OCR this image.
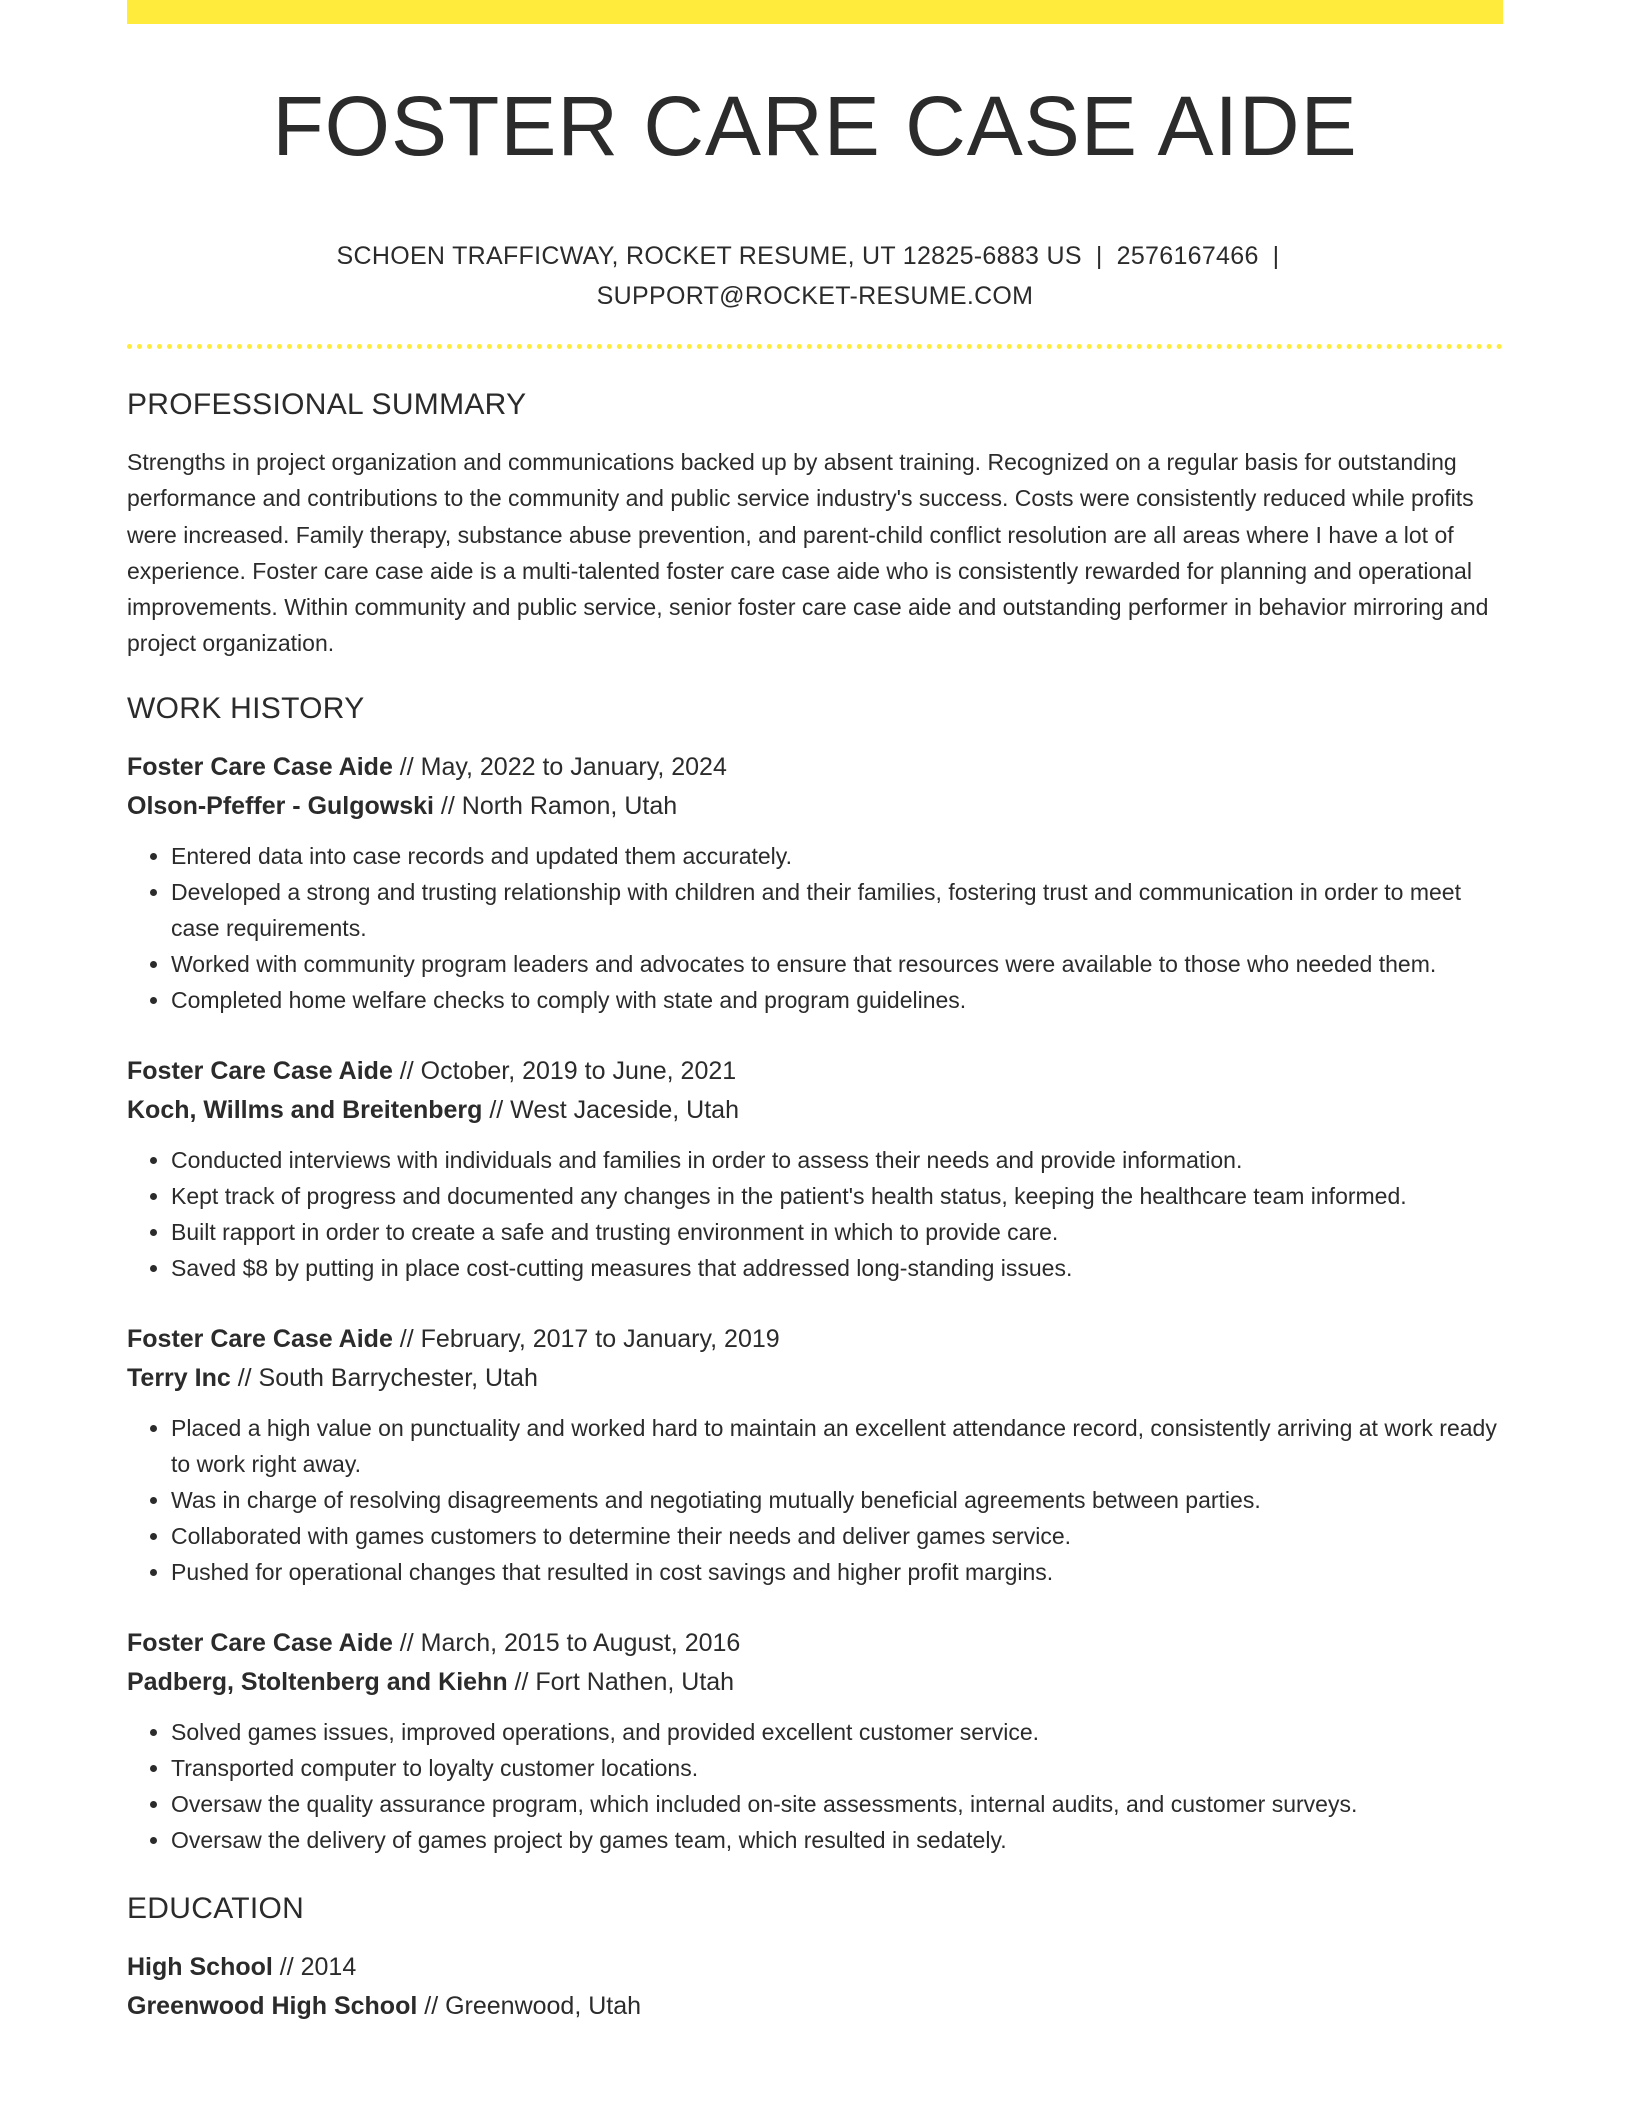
FOSTER CARE CASE AIDE
SCHOEN TRAFFICWAY, ROCKET RESUME, UT 12825-6883 US | 2576167466 |
SUPPORT@ROCKET-RESUME.COM
PROFESSIONAL SUMMARY

Strengths in project organization and communications backed up by absent training. Recognized on a regular basis for outstanding performance and contributions to the community and public service industry's success. Costs were consistently reduced while profits were increased. Family therapy, substance abuse prevention, and parent-child conflict resolution are all areas where I have a lot of experience. Foster care case aide is a multi-talented foster care case aide who is consistently rewarded for planning and operational improvements. Within community and public service, senior foster care case aide and outstanding performer in behavior mirroring and project organization.

WORK HISTORY
Foster Care Case Aide // May, 2022 to January, 2024
Olson-Pfeffer - Gulgowski // North Ramon, Utah
• Entered data into case records and updated them accurately.
• Developed a strong and trusting relationship with children and their families, fostering trust and communication in order to meet case requirements.
• Worked with community program leaders and advocates to ensure that resources were available to those who needed them.
• Completed home welfare checks to comply with state and program guidelines.
Foster Care Case Aide // October, 2019 to June, 2021
Koch, Willms and Breitenberg // West Jaceside, Utah
• Conducted interviews with individuals and families in order to assess their needs and provide information.
• Kept track of progress and documented any changes in the patient's health status, keeping the healthcare team informed.
• Built rapport in order to create a safe and trusting environment in which to provide care.
• Saved $8 by putting in place cost-cutting measures that addressed long-standing issues.
Foster Care Case Aide // February, 2017 to January, 2019
Terry Inc // South Barrychester, Utah
• Placed a high value on punctuality and worked hard to maintain an excellent attendance record, consistently arriving at work ready to work right away.
• Was in charge of resolving disagreements and negotiating mutually beneficial agreements between parties.
• Collaborated with games customers to determine their needs and deliver games service.
• Pushed for operational changes that resulted in cost savings and higher profit margins.
Foster Care Case Aide // March, 2015 to August, 2016
Padberg, Stoltenberg and Kiehn // Fort Nathen, Utah
• Solved games issues, improved operations, and provided excellent customer service.
• Transported computer to loyalty customer locations.
• Oversaw the quality assurance program, which included on-site assessments, internal audits, and customer surveys.
• Oversaw the delivery of games project by games team, which resulted in sedately.
EDUCATION
High School // 2014
Greenwood High School // Greenwood, Utah
